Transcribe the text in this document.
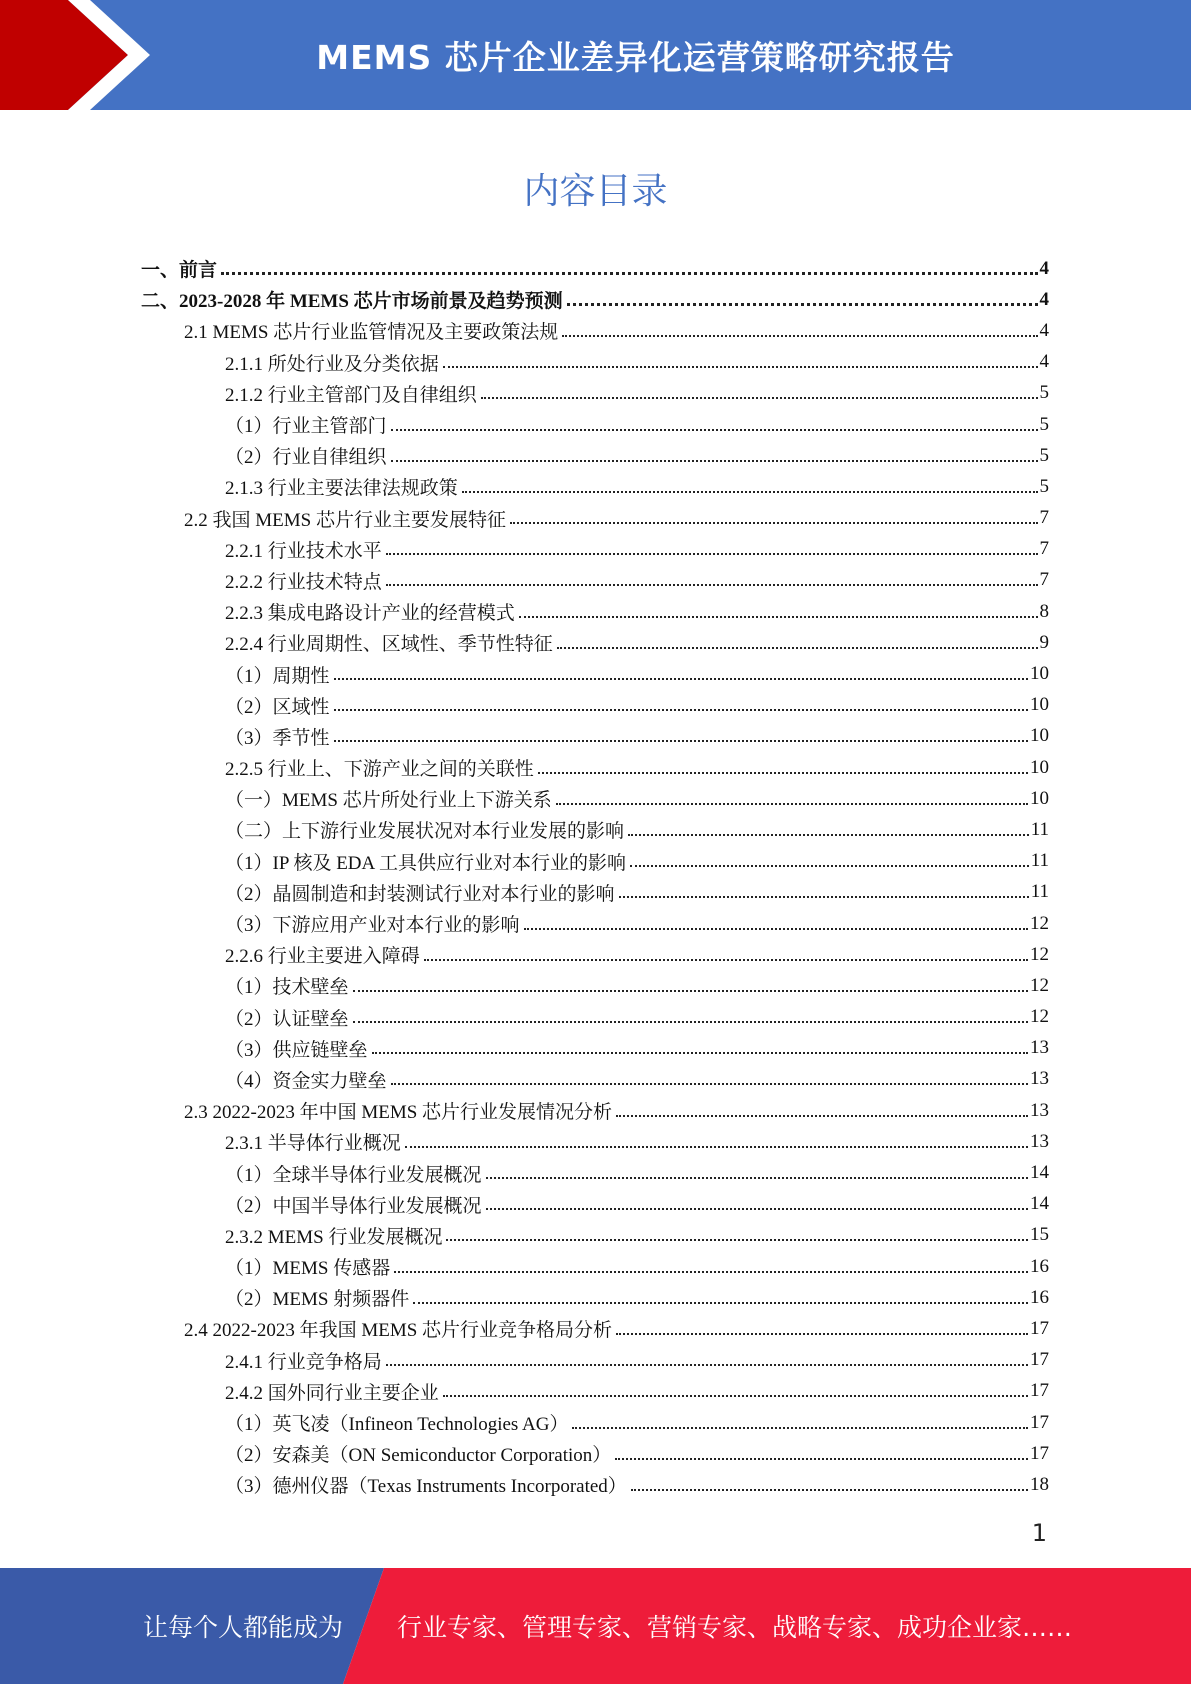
MEMS 芯片企业差异化运营策略研究报告
内容目录
一、前言	4
二、2023-2028 年 MEMS 芯片市场前景及趋势预测	4
2.1 MEMS 芯片行业监管情况及主要政策法规	4
2.1.1 所处行业及分类依据	4
2.1.2 行业主管部门及自律组织	5
（1）行业主管部门	5
（2）行业自律组织	5
2.1.3 行业主要法律法规政策	5
2.2 我国 MEMS 芯片行业主要发展特征	7
2.2.1 行业技术水平	7
2.2.2 行业技术特点	7
2.2.3 集成电路设计产业的经营模式	8
2.2.4 行业周期性、区域性、季节性特征	9
（1）周期性	10
（2）区域性	10
（3）季节性	10
2.2.5 行业上、下游产业之间的关联性	10
（一）MEMS 芯片所处行业上下游关系	10
（二）上下游行业发展状况对本行业发展的影响	11
（1）IP 核及 EDA 工具供应行业对本行业的影响	11
（2）晶圆制造和封装测试行业对本行业的影响	11
（3）下游应用产业对本行业的影响	12
2.2.6 行业主要进入障碍	12
（1）技术壁垒	12
（2）认证壁垒	12
（3）供应链壁垒	13
（4）资金实力壁垒	13
2.3 2022-2023 年中国 MEMS 芯片行业发展情况分析	13
2.3.1 半导体行业概况	13
（1）全球半导体行业发展概况	14
（2）中国半导体行业发展概况	14
2.3.2 MEMS 行业发展概况	15
（1）MEMS 传感器	16
（2）MEMS 射频器件	16
2.4 2022-2023 年我国 MEMS 芯片行业竞争格局分析	17
2.4.1 行业竞争格局	17
2.4.2 国外同行业主要企业	17
（1）英飞凌（Infineon Technologies AG）	17
（2）安森美（ON Semiconductor Corporation）	17
（3）德州仪器（Texas Instruments Incorporated）	18
1
让每个人都能成为 行业专家、管理专家、营销专家、战略专家、成功企业家……
